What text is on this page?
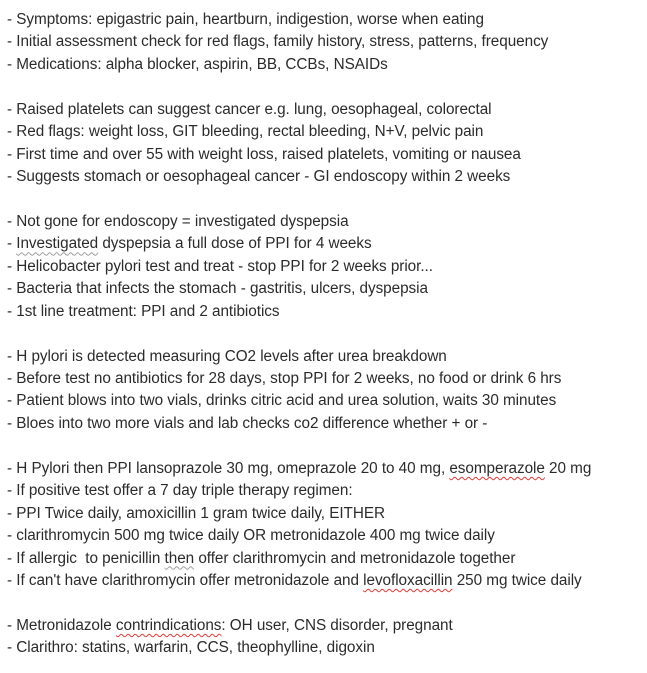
- Symptoms: epigastric pain, heartburn, indigestion, worse when eating
- Initial assessment check for red flags, family history, stress, patterns, frequency
- Medications: alpha blocker, aspirin, BB, CCBs, NSAIDs
- Raised platelets can suggest cancer e.g. lung, oesophageal, colorectal
- Red flags: weight loss, GIT bleeding, rectal bleeding, N+V, pelvic pain
- First time and over 55 with weight loss, raised platelets, vomiting or nausea
- Suggests stomach or oesophageal cancer - GI endoscopy within 2 weeks
- Not gone for endoscopy = investigated dyspepsia
- Investigated dyspepsia a full dose of PPI for 4 weeks
- Helicobacter pylori test and treat - stop PPI for 2 weeks prior...
- Bacteria that infects the stomach - gastritis, ulcers, dyspepsia
- 1st line treatment: PPI and 2 antibiotics
- H pylori is detected measuring CO2 levels after urea breakdown
- Before test no antibiotics for 28 days, stop PPI for 2 weeks, no food or drink 6 hrs
- Patient blows into two vials, drinks citric acid and urea solution, waits 30 minutes
- Bloes into two more vials and lab checks co2 difference whether + or -
- H Pylori then PPI lansoprazole 30 mg, omeprazole 20 to 40 mg, esomperazole 20 mg
- If positive test offer a 7 day triple therapy regimen:
- PPI Twice daily, amoxicillin 1 gram twice daily, EITHER
- clarithromycin 500 mg twice daily OR metronidazole 400 mg twice daily
- If allergic  to penicillin then offer clarithromycin and metronidazole together
- If can't have clarithromycin offer metronidazole and levofloxacillin 250 mg twice daily
- Metronidazole contrindications: OH user, CNS disorder, pregnant
- Clarithro: statins, warfarin, CCS, theophylline, digoxin
